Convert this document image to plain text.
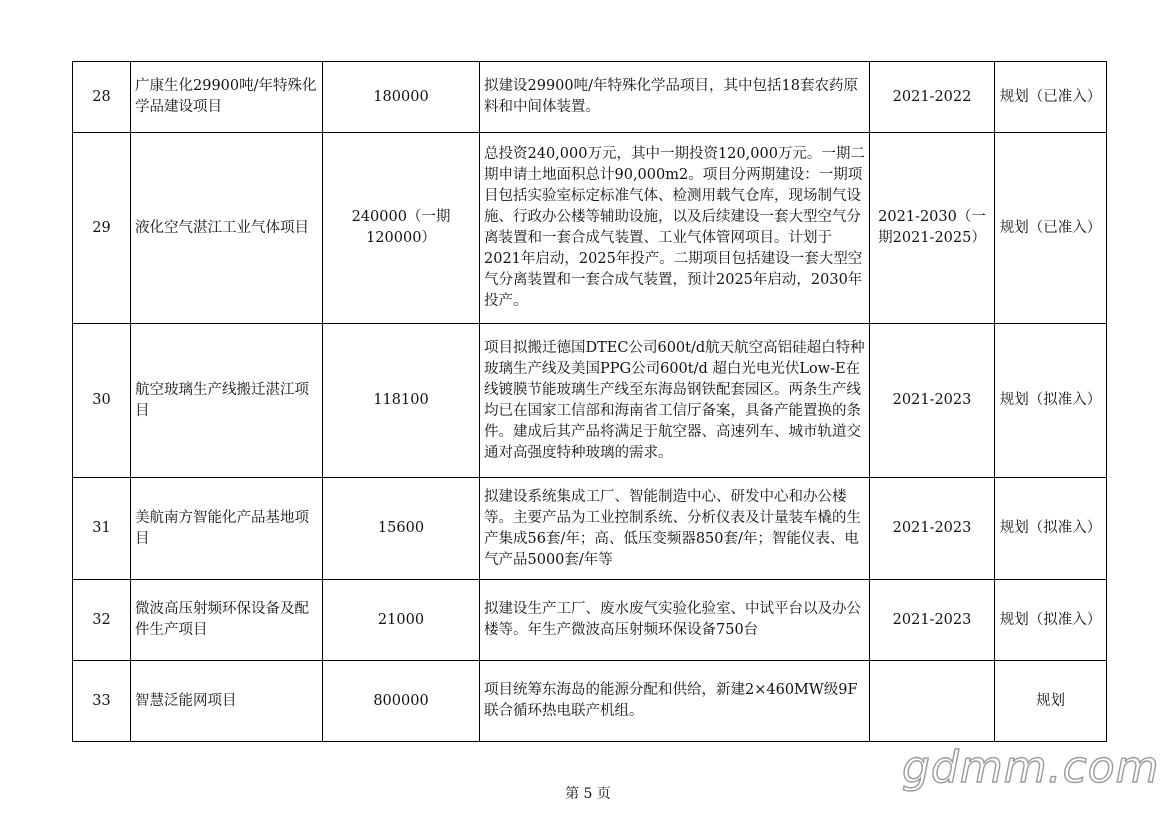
28	广康生化29900吨/年特殊化学品建设项目	180000	拟建设29900吨/年特殊化学品项目，其中包括18套农药原料和中间体装置。	2021-2022	规划（已准入）
29	液化空气湛江工业气体项目	240000（一期120000）	总投资240,000万元，其中一期投资120,000万元。一期二期申请土地面积总计90,000m2。项目分两期建设：一期项目包括实验室标定标准气体、检测用载气仓库，现场制气设施、行政办公楼等辅助设施，以及后续建设一套大型空气分离装置和一套合成气装置、工业气体管网项目。计划于2021年启动，2025年投产。二期项目包括建设一套大型空气分离装置和一套合成气装置，预计2025年启动，2030年投产。	2021-2030（一期2021-2025）	规划（已准入）
30	航空玻璃生产线搬迁湛江项目	118100	项目拟搬迁德国DTEC公司600t/d航天航空高铝硅超白特种玻璃生产线及美国PPG公司600t/d 超白光电光伏Low-E在线镀膜节能玻璃生产线至东海岛钢铁配套园区。两条生产线均已在国家工信部和海南省工信厅备案，具备产能置换的条件。建成后其产品将满足于航空器、高速列车、城市轨道交通对高强度特种玻璃的需求。	2021-2023	规划（拟准入）
31	美航南方智能化产品基地项目	15600	拟建设系统集成工厂、智能制造中心、研发中心和办公楼等。主要产品为工业控制系统、分析仪表及计量装车橇的生产集成56套/年；高、低压变频器850套/年；智能仪表、电气产品5000套/年等	2021-2023	规划（拟准入）
32	微波高压射频环保设备及配件生产项目	21000	拟建设生产工厂、废水废气实验化验室、中试平台以及办公楼等。年生产微波高压射频环保设备750台	2021-2023	规划（拟准入）
33	智慧泛能网项目	800000	项目统筹东海岛的能源分配和供给，新建2×460MW级9F联合循环热电联产机组。		规划
gdmm.com
第 5 页
